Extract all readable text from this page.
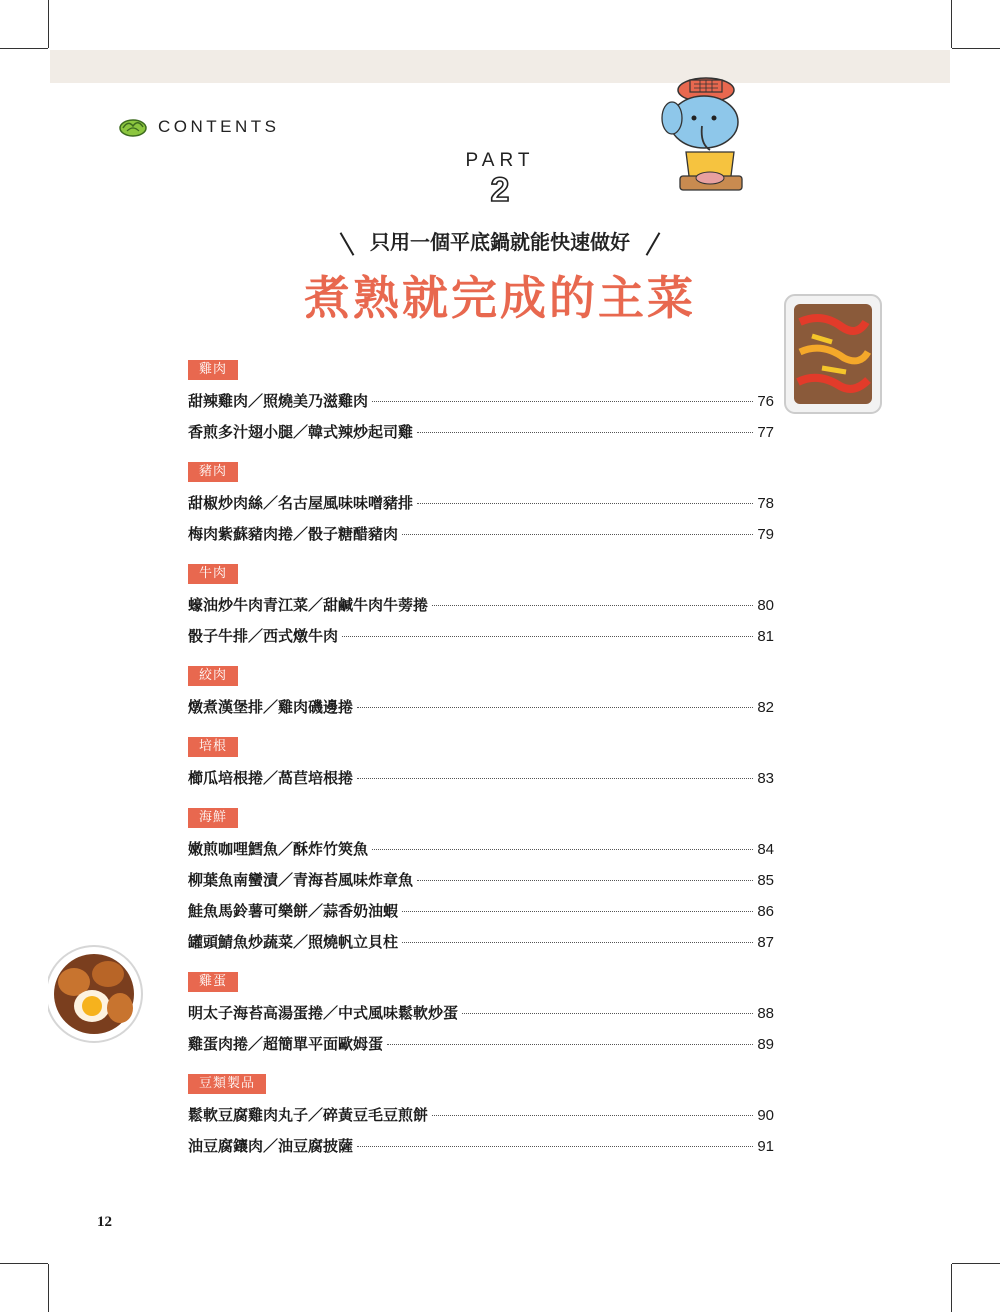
CONTENTS
PART
2
只用一個平底鍋就能快速做好
煮熟就完成的主菜
雞肉
甜辣雞肉／照燒美乃滋雞肉	76
香煎多汁翅小腿／韓式辣炒起司雞	77
豬肉
甜椒炒肉絲／名古屋風味味噌豬排	78
梅肉紫蘇豬肉捲／骰子糖醋豬肉	79
牛肉
蠔油炒牛肉青江菜／甜鹹牛肉牛蒡捲	80
骰子牛排／西式燉牛肉	81
絞肉
燉煮漢堡排／雞肉磯邊捲	82
培根
櫛瓜培根捲／萵苣培根捲	83
海鮮
嫩煎咖哩鱈魚／酥炸竹筴魚	84
柳葉魚南蠻漬／青海苔風味炸章魚	85
鮭魚馬鈴薯可樂餅／蒜香奶油蝦	86
罐頭鯖魚炒蔬菜／照燒帆立貝柱	87
雞蛋
明太子海苔高湯蛋捲／中式風味鬆軟炒蛋	88
雞蛋肉捲／超簡單平面歐姆蛋	89
豆類製品
鬆軟豆腐雞肉丸子／碎黃豆毛豆煎餅	90
油豆腐鑲肉／油豆腐披薩	91
12
